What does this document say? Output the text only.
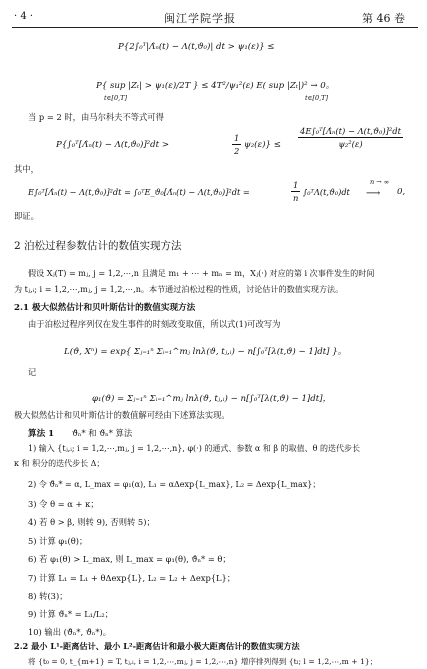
· 4 ·	闽江学院学报	第 46 卷
P{2∫₀ᵀ|Λ̂ₙ(t) − Λ(t,ϑ₀)| dt > ψ₁(ε)} ≤
P{ sup |Zₜ| > ψ₁(ε)/2T } ≤ 4T²/ψ₁²(ε) E( sup |Zₜ|)² → 0。
t∈[0,T]	t∈[0,T]
当 p = 2 时，由马尔科夫不等式可得
P{∫₀ᵀ[Λ̂ₙ(t) − Λ(t,ϑ₀)]²dt >
1
2
ψ₂(ε)} ≤
4E∫₀ᵀ[Λ̂ₙ(t) − Λ(t,ϑ₀)]²dt
ψ₂²(ε)
其中，
E∫₀ᵀ[Λ̂ₙ(t) − Λ(t,ϑ₀)]²dt = ∫₀ᵀE_ϑ₀[Λ̂ₙ(t) − Λ(t,ϑ₀)]²dt =
1
n
∫₀ᵀΛ(t,ϑ₀)dt
n → ∞
⟶ 0,
即证。
2 泊松过程参数估计的数值实现方法
假设 Xⱼ(T) = mⱼ, j = 1,2,⋯,n 且满足 m₁ + ⋯ + mₙ = m，Xⱼ(·) 对应的第 i 次事件发生的时间
为 tⱼ,ᵢ; i = 1,2,⋯,mⱼ, j = 1,2,⋯,n。本节通过泊松过程的性质，讨论估计的数值实现方法。
2.1 极大似然估计和贝叶斯估计的数值实现方法
由于泊松过程序列仅在发生事件的时刻改变取值，所以式(1)可改写为
L(ϑ, Xⁿ) = exp{ Σⱼ₌₁ⁿ Σᵢ₌₁^mⱼ lnλ(ϑ, tⱼ,ᵢ) − n[∫₀ᵀ[λ(t,ϑ) − 1]dt] }。
记
φ₁(ϑ) = Σⱼ₌₁ⁿ Σᵢ₌₁^mⱼ lnλ(ϑ, tⱼ,ᵢ) − n[∫₀ᵀ[λ(t,ϑ) − 1]dt]，
极大似然估计和贝叶斯估计的数值解可经由下述算法实现。
算法 1 ϑ̂ₙ* 和 ϑ̃ₙ* 算法
1) 输入 {tⱼ,ᵢ; i = 1,2,⋯,mⱼ, j = 1,2,⋯,n}, φ(·) 的通式、参数 α 和 β 的取值、θ 的迭代步长
κ 和 积分的迭代步长 Δ；
2) 令 ϑ̂ₙ* = α, L_max = φ₁(α), L₁ = αΔexp{L_max}, L₂ = Δexp{L_max}；
3) 令 θ = α + κ；
4) 若 θ > β, 则转 9), 否则转 5)；
5) 计算 φ₁(θ)；
6) 若 φ₁(θ) > L_max, 则 L_max = φ₁(θ), ϑ̂ₙ* = θ；
7) 计算 L₁ = L₁ + θΔexp{L}, L₂ = L₂ + Δexp{L}；
8) 转(3)；
9) 计算 ϑ̃ₙ* = L₁/L₂；
10) 输出 (ϑ̂ₙ*, ϑ̃ₙ*)。
2.2 最小 L¹-距离估计、最小 L²-距离估计和最小极大距离估计的数值实现方法
将 {t₀ = 0, t_{m+1} = T, tⱼ,ᵢ, i = 1,2,⋯,mⱼ, j = 1,2,⋯,n} 增序排列得到 {tₗ; l = 1,2,⋯,m + 1}；
